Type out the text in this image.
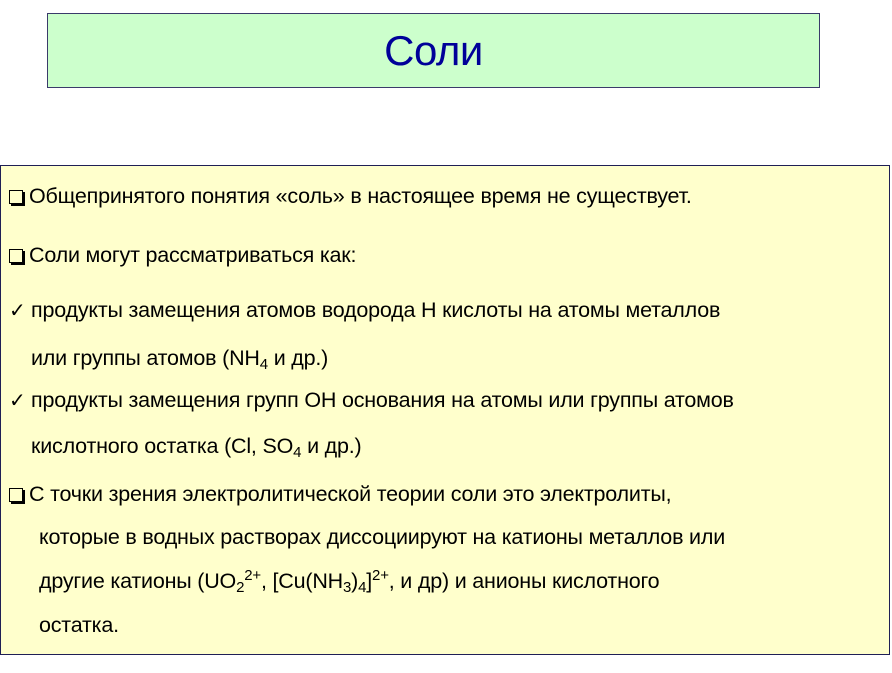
Соли
Общепринятого понятия «соль» в настоящее время не существует.
Соли могут рассматриваться как:
✓ продукты замещения атомов водорода Н кислоты на атомы металлов
или группы атомов ($NH_4$ и др.)
✓ продукты замещения групп ОН основания на атомы или группы атомов
кислотного остатка (Cl, $SO_4$ и др.)
С точки зрения электролитической теории соли это электролиты,
которые в водных растворах диссоциируют на катионы металлов или
другие катионы ($UO_2^{2+}$, $[Cu(NH_3)_4]^{2+}$, и др) и анионы кислотного
остатка.
